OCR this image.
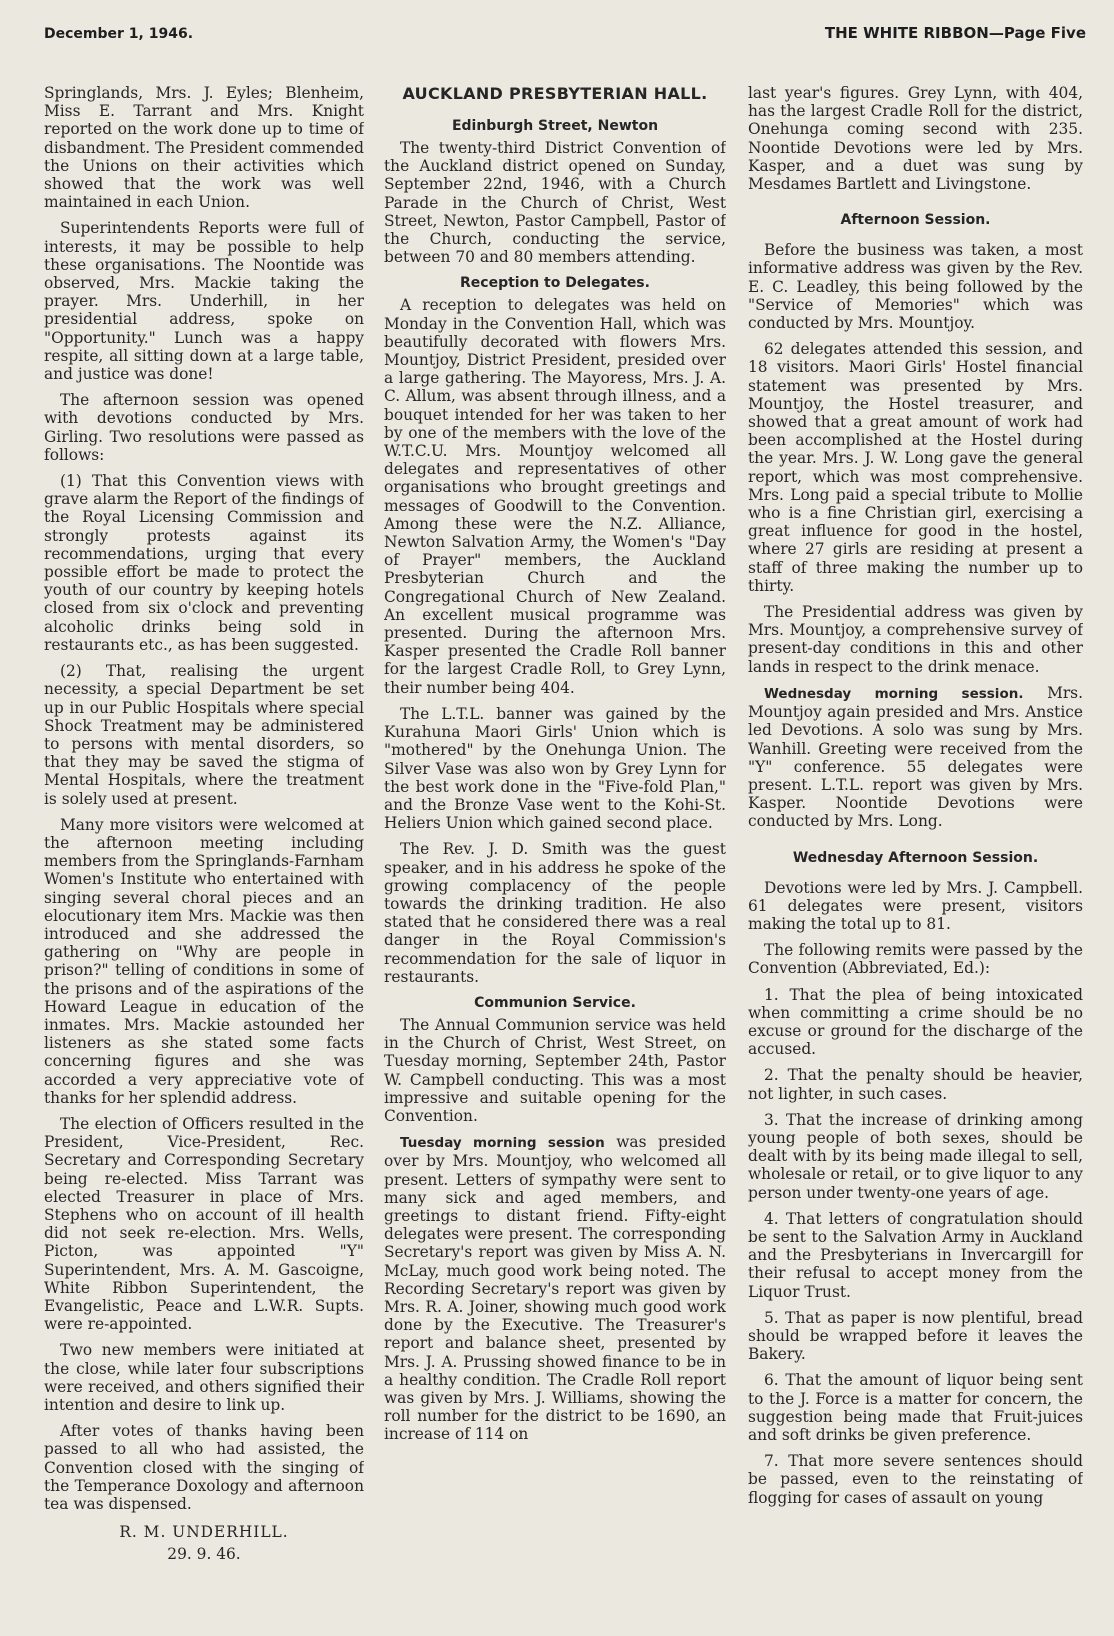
December 1, 1946.	THE WHITE RIBBON—Page Five

Springlands, Mrs. J. Eyles; Blenheim, Miss E. Tarrant and Mrs. Knight reported on the work done up to time of disbandment. The President commended the Unions on their activities which showed that the work was well maintained in each Union.

Superintendents Reports were full of interests, it may be possible to help these organisations. The Noontide was observed, Mrs. Mackie taking the prayer. Mrs. Underhill, in her presidential address, spoke on "Opportunity." Lunch was a happy respite, all sitting down at a large table, and justice was done!

The afternoon session was opened with devotions conducted by Mrs. Girling. Two resolutions were passed as follows:

(1) That this Convention views with grave alarm the Report of the findings of the Royal Licensing Commission and strongly protests against its recommendations, urging that every possible effort be made to protect the youth of our country by keeping hotels closed from six o'clock and preventing alcoholic drinks being sold in restaurants etc., as has been suggested.

(2) That, realising the urgent necessity, a special Department be set up in our Public Hospitals where special Shock Treatment may be administered to persons with mental disorders, so that they may be saved the stigma of Mental Hospitals, where the treatment is solely used at present.

Many more visitors were welcomed at the afternoon meeting including members from the Springlands-Farnham Women's Institute who entertained with singing several choral pieces and an elocutionary item Mrs. Mackie was then introduced and she addressed the gathering on "Why are people in prison?" telling of conditions in some of the prisons and of the aspirations of the Howard League in education of the inmates. Mrs. Mackie astounded her listeners as she stated some facts concerning figures and she was accorded a very appreciative vote of thanks for her splendid address.

The election of Officers resulted in the President, Vice-President, Rec. Secretary and Corresponding Secretary being re-elected. Miss Tarrant was elected Treasurer in place of Mrs. Stephens who on account of ill health did not seek re-election. Mrs. Wells, Picton, was appointed "Y" Superintendent, Mrs. A. M. Gascoigne, White Ribbon Superintendent, the Evangelistic, Peace and L.W.R. Supts. were re-appointed.

Two new members were initiated at the close, while later four subscriptions were received, and others signified their intention and desire to link up.

After votes of thanks having been passed to all who had assisted, the Convention closed with the singing of the Temperance Doxology and afternoon tea was dispensed.

R. M. UNDERHILL.
29. 9. 46.
AUCKLAND PRESBYTERIAN HALL.
Edinburgh Street, Newton

The twenty-third District Convention of the Auckland district opened on Sunday, September 22nd, 1946, with a Church Parade in the Church of Christ, West Street, Newton, Pastor Campbell, Pastor of the Church, conducting the service, between 70 and 80 members attending.

Reception to Delegates.

A reception to delegates was held on Monday in the Convention Hall, which was beautifully decorated with flowers Mrs. Mountjoy, District President, presided over a large gathering. The Mayoress, Mrs. J. A. C. Allum, was absent through illness, and a bouquet intended for her was taken to her by one of the members with the love of the W.T.C.U. Mrs. Mountjoy welcomed all delegates and representatives of other organisations who brought greetings and messages of Goodwill to the Convention. Among these were the N.Z. Alliance, Newton Salvation Army, the Women's "Day of Prayer" members, the Auckland Presbyterian Church and the Congregational Church of New Zealand. An excellent musical programme was presented. During the afternoon Mrs. Kasper presented the Cradle Roll banner for the largest Cradle Roll, to Grey Lynn, their number being 404.

The L.T.L. banner was gained by the Kurahuna Maori Girls' Union which is "mothered" by the Onehunga Union. The Silver Vase was also won by Grey Lynn for the best work done in the "Five-fold Plan," and the Bronze Vase went to the Kohi-St. Heliers Union which gained second place.

The Rev. J. D. Smith was the guest speaker, and in his address he spoke of the growing complacency of the people towards the drinking tradition. He also stated that he considered there was a real danger in the Royal Commission's recommendation for the sale of liquor in restaurants.

Communion Service.

The Annual Communion service was held in the Church of Christ, West Street, on Tuesday morning, September 24th, Pastor W. Campbell conducting. This was a most impressive and suitable opening for the Convention.

Tuesday morning session was presided over by Mrs. Mountjoy, who welcomed all present. Letters of sympathy were sent to many sick and aged members, and greetings to distant friend. Fifty-eight delegates were present. The corresponding Secretary's report was given by Miss A. N. McLay, much good work being noted. The Recording Secretary's report was given by Mrs. R. A. Joiner, showing much good work done by the Executive. The Treasurer's report and balance sheet, presented by Mrs. J. A. Prussing showed finance to be in a healthy condition. The Cradle Roll report was given by Mrs. J. Williams, showing the roll number for the district to be 1690, an increase of 114 on

last year's figures. Grey Lynn, with 404, has the largest Cradle Roll for the district, Onehunga coming second with 235. Noontide Devotions were led by Mrs. Kasper, and a duet was sung by Mesdames Bartlett and Livingstone.

Afternoon Session.

Before the business was taken, a most informative address was given by the Rev. E. C. Leadley, this being followed by the "Service of Memories" which was conducted by Mrs. Mountjoy.

62 delegates attended this session, and 18 visitors. Maori Girls' Hostel financial statement was presented by Mrs. Mountjoy, the Hostel treasurer, and showed that a great amount of work had been accomplished at the Hostel during the year. Mrs. J. W. Long gave the general report, which was most comprehensive. Mrs. Long paid a special tribute to Mollie who is a fine Christian girl, exercising a great influence for good in the hostel, where 27 girls are residing at present a staff of three making the number up to thirty.

The Presidential address was given by Mrs. Mountjoy, a comprehensive survey of present-day conditions in this and other lands in respect to the drink menace.

Wednesday morning session. Mrs. Mountjoy again presided and Mrs. Anstice led Devotions. A solo was sung by Mrs. Wanhill. Greeting were received from the "Y" conference. 55 delegates were present. L.T.L. report was given by Mrs. Kasper. Noontide Devotions were conducted by Mrs. Long.

Wednesday Afternoon Session.

Devotions were led by Mrs. J. Campbell. 61 delegates were present, visitors making the total up to 81.

The following remits were passed by the Convention (Abbreviated, Ed.):

1. That the plea of being intoxicated when committing a crime should be no excuse or ground for the discharge of the accused.

2. That the penalty should be heavier, not lighter, in such cases.

3. That the increase of drinking among young people of both sexes, should be dealt with by its being made illegal to sell, wholesale or retail, or to give liquor to any person under twenty-one years of age.

4. That letters of congratulation should be sent to the Salvation Army in Auckland and the Presbyterians in Invercargill for their refusal to accept money from the Liquor Trust.

5. That as paper is now plentiful, bread should be wrapped before it leaves the Bakery.

6. That the amount of liquor being sent to the J. Force is a matter for concern, the suggestion being made that Fruit-juices and soft drinks be given preference.

7. That more severe sentences should be passed, even to the reinstating of flogging for cases of assault on young
